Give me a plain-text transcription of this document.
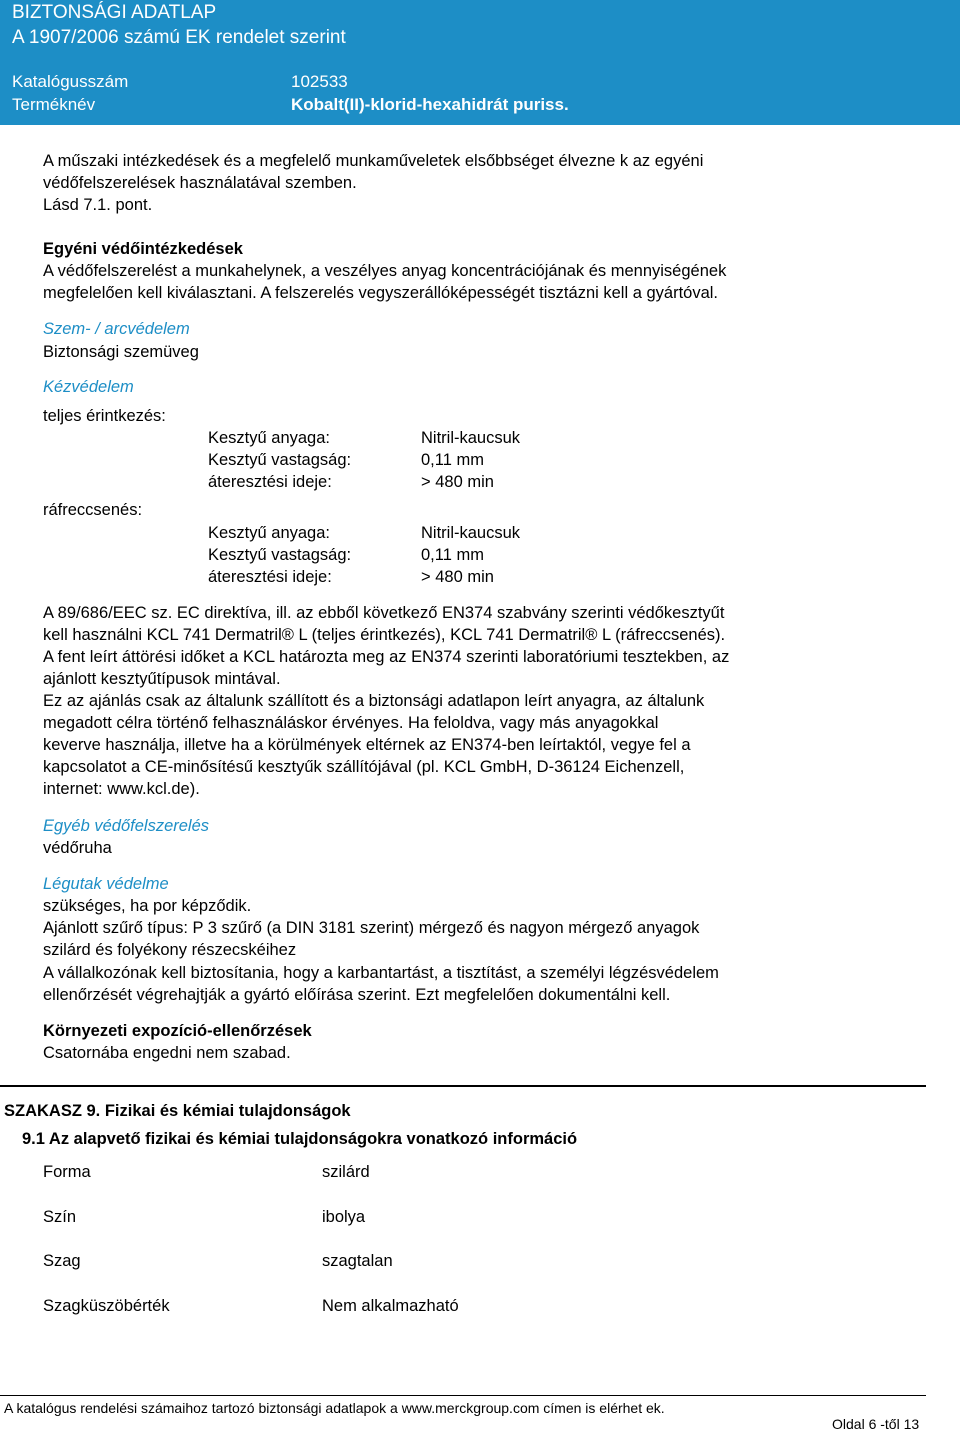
BIZTONSÁGI ADATLAP
A 1907/2006 számú EK rendelet szerint
Katalógusszám	102533
Terméknév	Kobalt(II)-klorid-hexahidrát puriss.
A műszaki intézkedések és a megfelelő munkaműveletek elsőbbséget élvezne k az egyéni
védőfelszerelések használatával szemben.
Lásd 7.1. pont.
Egyéni védőintézkedések
A védőfelszerelést a munkahelynek, a veszélyes anyag koncentrációjának és mennyiségének
megfelelően kell kiválasztani. A felszerelés vegyszerállóképességét tisztázni kell a gyártóval.
Szem- / arcvédelem
Biztonsági szemüveg
Kézvédelem
teljes érintkezés:
Kesztyű anyaga:	Nitril-kaucsuk
Kesztyű vastagság:	0,11 mm
áteresztési ideje:	> 480 min
ráfreccsenés:
Kesztyű anyaga:	Nitril-kaucsuk
Kesztyű vastagság:	0,11 mm
áteresztési ideje:	> 480 min
A 89/686/EEC sz. EC direktíva, ill. az ebből következő EN374 szabvány szerinti védőkesztyűt
kell használni KCL 741 Dermatril® L (teljes érintkezés), KCL 741 Dermatril® L (ráfreccsenés).
A fent leírt áttörési időket a KCL határozta meg az EN374 szerinti laboratóriumi tesztekben, az
ajánlott kesztyűtípusok mintával.
Ez az ajánlás csak az általunk szállított és a biztonsági adatlapon leírt anyagra, az általunk
megadott célra történő felhasználáskor érvényes. Ha feloldva, vagy más anyagokkal
keverve használja, illetve ha a körülmények eltérnek az EN374-ben leírtaktól, vegye fel a
kapcsolatot a CE-minősítésű kesztyűk szállítójával (pl. KCL GmbH, D-36124 Eichenzell,
internet: www.kcl.de).
Egyéb védőfelszerelés
védőruha
Légutak védelme
szükséges, ha por képződik.
Ajánlott szűrő típus: P 3 szűrő (a DIN 3181 szerint) mérgező és nagyon mérgező anyagok
szilárd és folyékony részecskéihez
A vállalkozónak kell biztosítania, hogy a karbantartást, a tisztítást, a személyi légzésvédelem
ellenőrzését végrehajtják a gyártó előírása szerint. Ezt megfelelően dokumentálni kell.
Környezeti expozíció-ellenőrzések
Csatornába engedni nem szabad.
SZAKASZ 9. Fizikai és kémiai tulajdonságok
9.1 Az alapvető fizikai és kémiai tulajdonságokra vonatkozó információ
Forma	szilárd
Szín	ibolya
Szag	szagtalan
Szagküszöbérték	Nem alkalmazható
A katalógus rendelési számaihoz tartozó biztonsági adatlapok a www.merckgroup.com címen is elérhet ek.
Oldal 6 -től 13
